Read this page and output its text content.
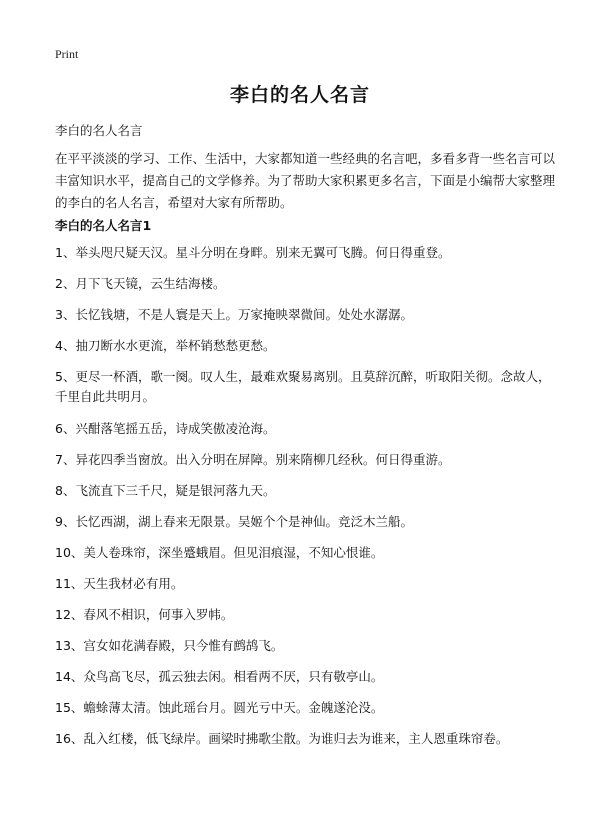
Print
李白的名人名言

李白的名人名言

在平平淡淡的学习、工作、生活中，大家都知道一些经典的名言吧，多看多背一些名言可以丰富知识水平，提高自己的文学修养。为了帮助大家积累更多名言，下面是小编帮大家整理的李白的名人名言，希望对大家有所帮助。

李白的名人名言1
1、举头咫尺疑天汉。星斗分明在身畔。别来无翼可飞腾。何日得重登。
2、月下飞天镜，云生结海楼。
3、长忆钱塘，不是人寰是天上。万家掩映翠微间。处处水潺潺。
4、抽刀断水水更流，举杯销愁愁更愁。
5、更尽一杯酒，歌一阕。叹人生，最难欢聚易离别。且莫辞沉醉，听取阳关彻。念故人，千里自此共明月。
6、兴酣落笔摇五岳，诗成笑傲凌沧海。
7、异花四季当窗放。出入分明在屏障。别来隋柳几经秋。何日得重游。
8、飞流直下三千尺，疑是银河落九天。
9、长忆西湖，湖上春来无限景。吴姬个个是神仙。竞泛木兰船。
10、美人卷珠帘，深坐蹙蛾眉。但见泪痕湿，不知心恨谁。
11、天生我材必有用。
12、春风不相识，何事入罗帏。
13、宫女如花满春殿，只今惟有鹧鸪飞。
14、众鸟高飞尽，孤云独去闲。相看两不厌，只有敬亭山。
15、蟾蜍薄太清。蚀此瑶台月。圆光亏中天。金魄遂沦没。
16、乱入红楼，低飞绿岸。画梁时拂歌尘散。为谁归去为谁来，主人恩重珠帘卷。
